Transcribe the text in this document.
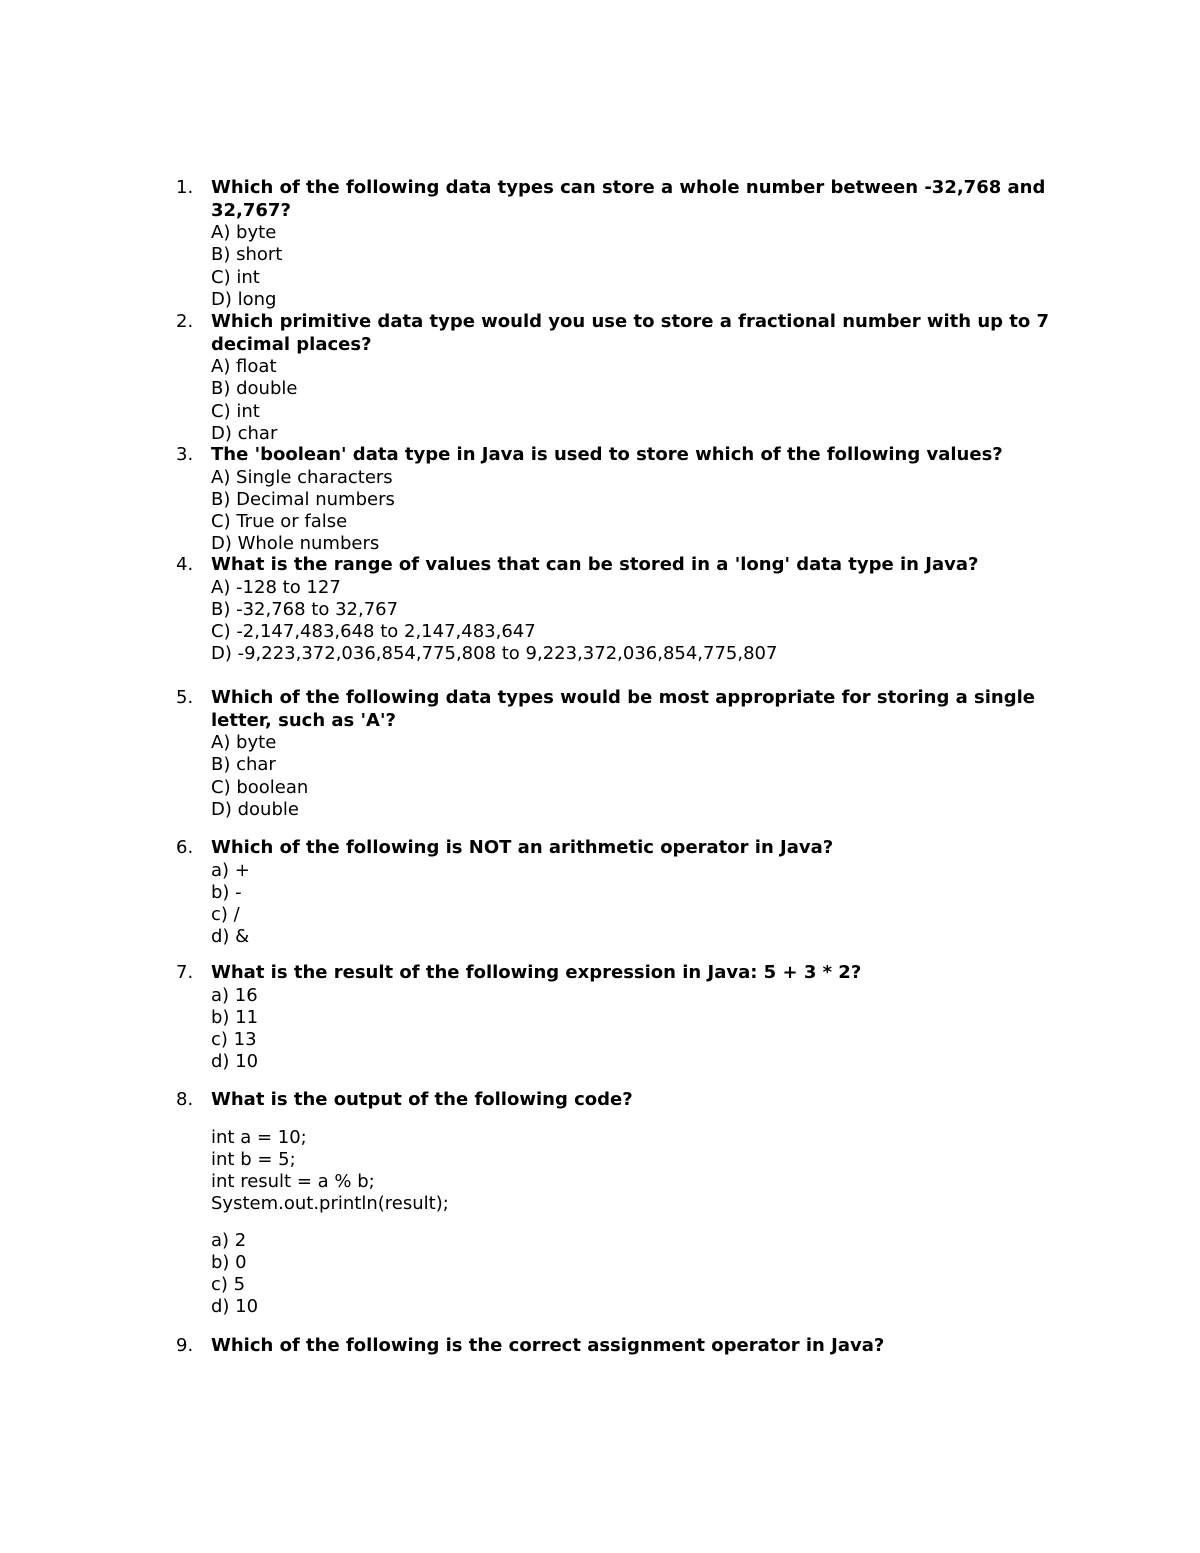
1. Which of the following data types can store a whole number between -32,768 and 32,767?

A) byte

B) short

C) int

D) long

2. Which primitive data type would you use to store a fractional number with up to 7 decimal places?

A) float

B) double

C) int

D) char

3. The 'boolean' data type in Java is used to store which of the following values?

A) Single characters

B) Decimal numbers

C) True or false

D) Whole numbers

4. What is the range of values that can be stored in a 'long' data type in Java?

A) -128 to 127

B) -32,768 to 32,767

C) -2,147,483,648 to 2,147,483,647

D) -9,223,372,036,854,775,808 to 9,223,372,036,854,775,807

5. Which of the following data types would be most appropriate for storing a single letter, such as 'A'?

A) byte

B) char

C) boolean

D) double

6. Which of the following is NOT an arithmetic operator in Java?

a) +

b) -

c) /

d) &

7. What is the result of the following expression in Java: 5 + 3 * 2?

a) 16

b) 11

c) 13

d) 10

8. What is the output of the following code?

int a = 10;

int b = 5;

int result = a % b;

System.out.println(result);

a) 2

b) 0

c) 5

d) 10

9. Which of the following is the correct assignment operator in Java?
